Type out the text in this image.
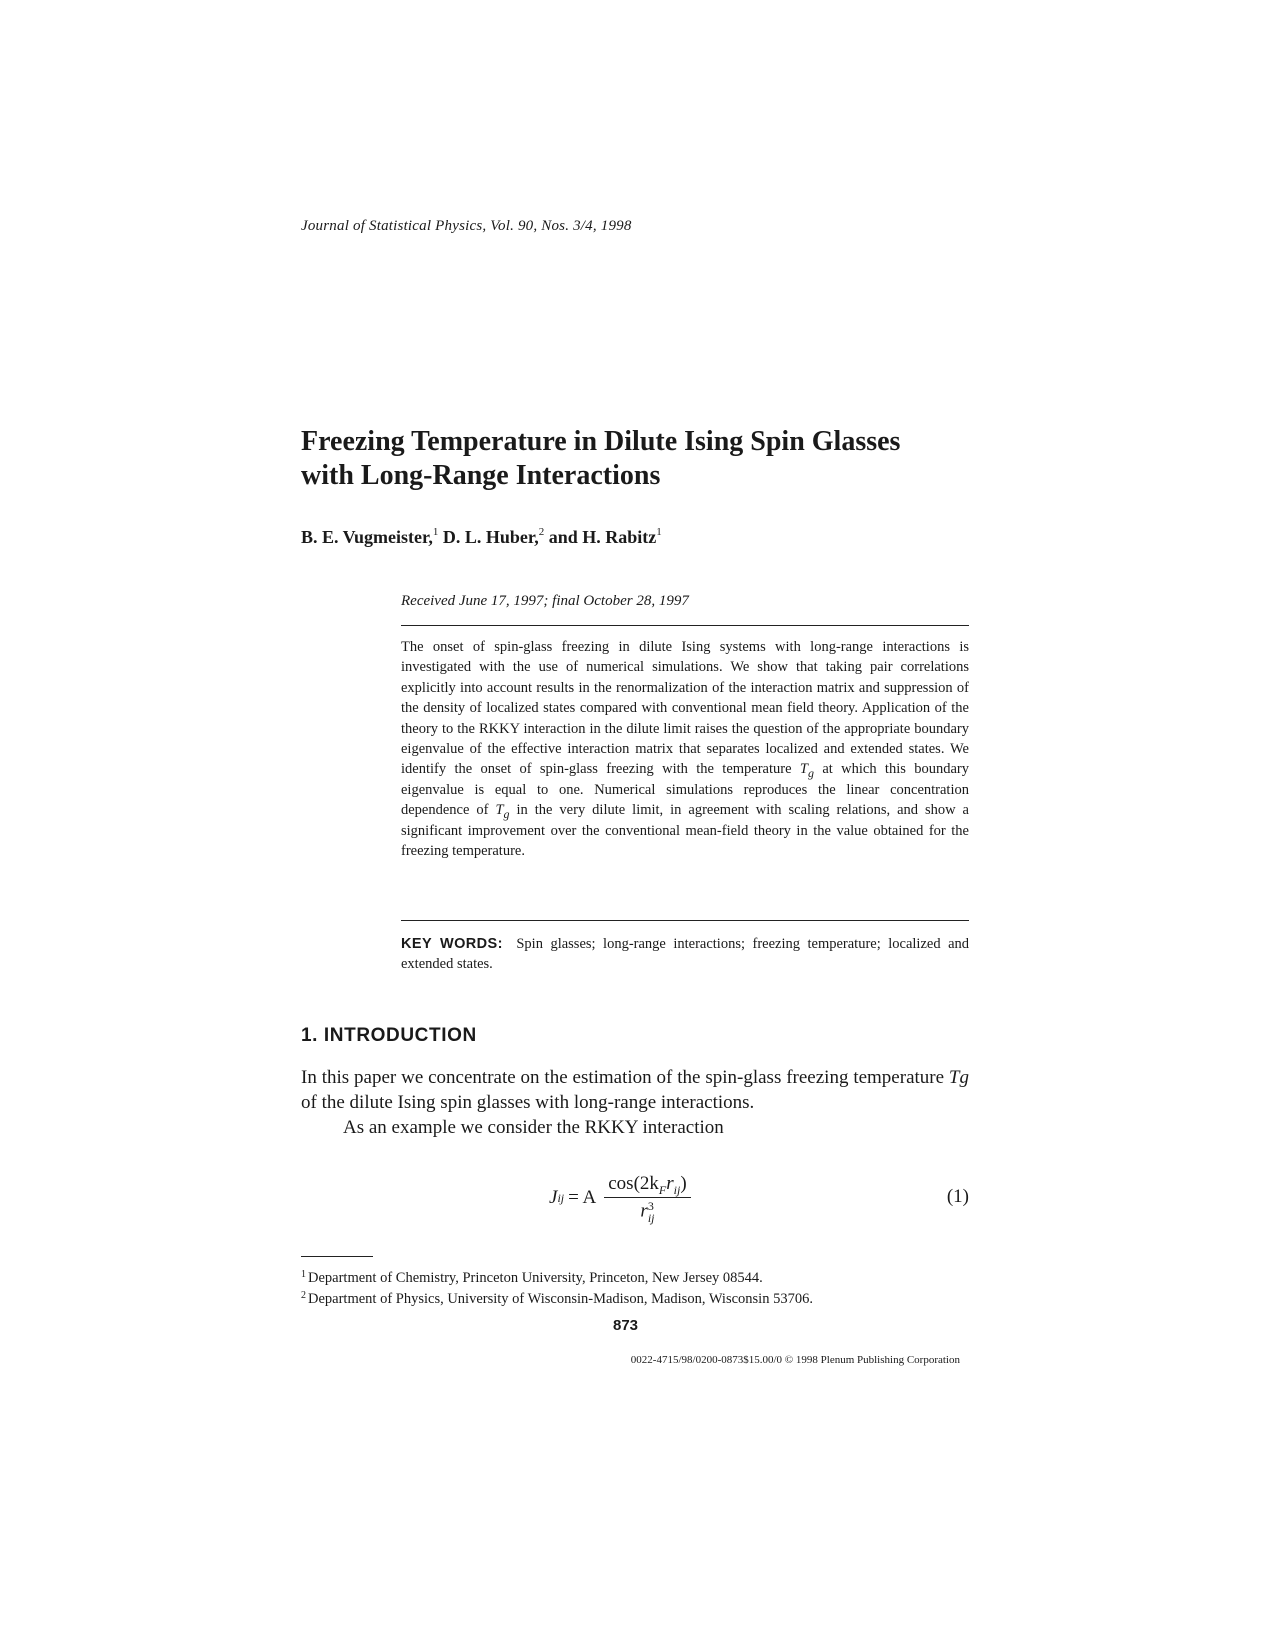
Journal of Statistical Physics, Vol. 90, Nos. 3/4, 1998
Freezing Temperature in Dilute Ising Spin Glasses
with Long-Range Interactions
B. E. Vugmeister,$^1$ D. L. Huber,$^2$ and H. Rabitz$^1$
Received June 17, 1997; final October 28, 1997
The onset of spin-glass freezing in dilute Ising systems with long-range interactions is investigated with the use of numerical simulations. We show that taking pair correlations explicitly into account results in the renormalization of the interaction matrix and suppression of the density of localized states compared with conventional mean field theory. Application of the theory to the RKKY interaction in the dilute limit raises the question of the appropriate boundary eigenvalue of the effective interaction matrix that separates localized and extended states. We identify the onset of spin-glass freezing with the temperature $T_g$ at which this boundary eigenvalue is equal to one. Numerical simulations reproduces the linear concentration dependence of $T_g$ in the very dilute limit, in agreement with scaling relations, and show a significant improvement over the conventional mean-field theory in the value obtained for the freezing temperature.
KEY WORDS: Spin glasses; long-range interactions; freezing temperature; localized and extended states.
1. INTRODUCTION

In this paper we concentrate on the estimation of the spin-glass freezing temperature Tg of the dilute Ising spin glasses with long-range interactions.

As an example we consider the RKKY interaction

J ij = A $\cos(2k_Fr_{ij})$
r 3
ij	(1)
$^1$ Department of Chemistry, Princeton University, Princeton, New Jersey 08544.
$^2$ Department of Physics, University of Wisconsin-Madison, Madison, Wisconsin 53706.
873
0022-4715/98/0200-0873$15.00/0 © 1998 Plenum Publishing Corporation
